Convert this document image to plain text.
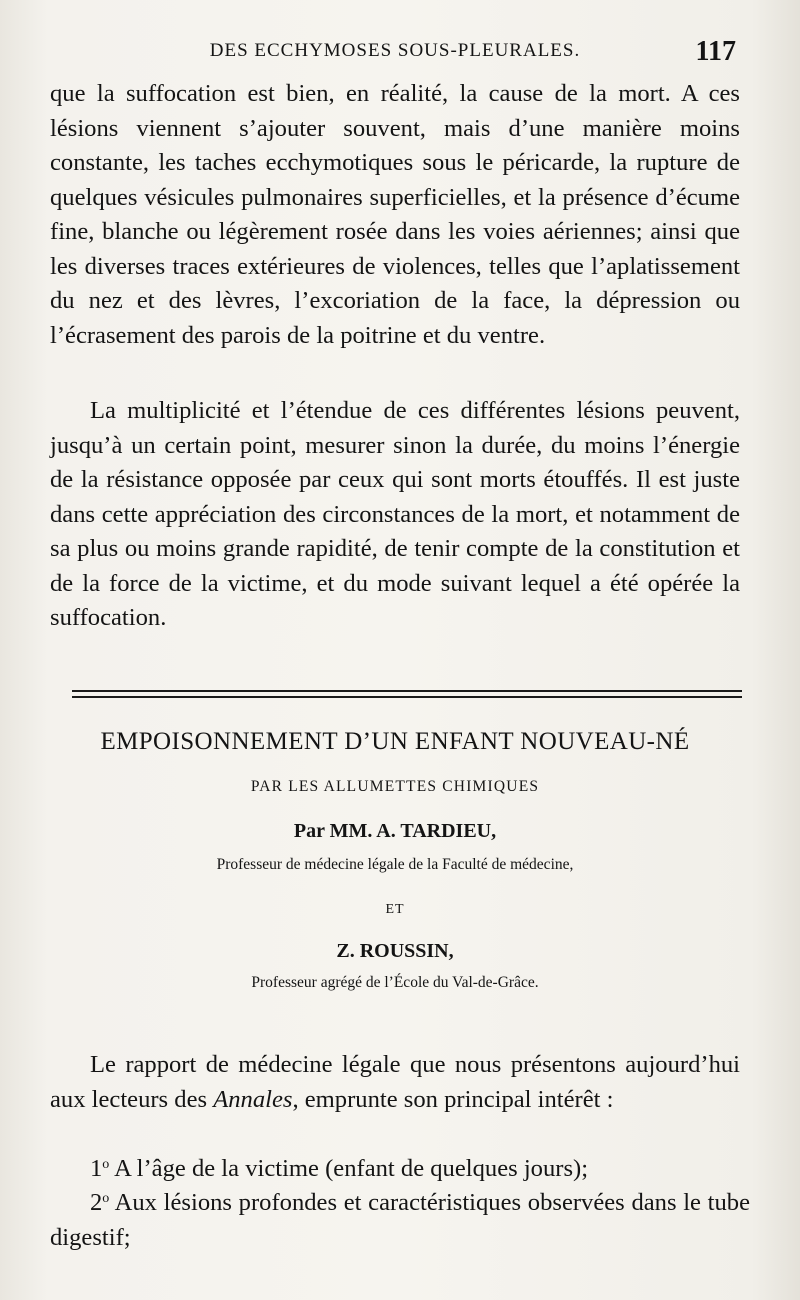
DES ECCHYMOSES SOUS-PLEURALES.	117

que la suffocation est bien, en réalité, la cause de la mort. A ces lésions viennent s’ajouter souvent, mais d’une manière moins constante, les taches ecchymotiques sous le péricarde, la rupture de quelques vésicules pulmonaires superficielles, et la présence d’écume fine, blanche ou légèrement rosée dans les voies aériennes; ainsi que les diverses traces extérieures de violences, telles que l’aplatissement du nez et des lèvres, l’excoriation de la face, la dépression ou l’écrasement des parois de la poitrine et du ventre.

La multiplicité et l’étendue de ces différentes lésions peuvent, jusqu’à un certain point, mesurer sinon la durée, du moins l’énergie de la résistance opposée par ceux qui sont morts étouffés. Il est juste dans cette appréciation des circonstances de la mort, et notamment de sa plus ou moins grande rapidité, de tenir compte de la constitution et de la force de la victime, et du mode suivant lequel a été opérée la suffocation.

EMPOISONNEMENT D’UN ENFANT NOUVEAU-NÉ
PAR LES ALLUMETTES CHIMIQUES
Par MM. A. TARDIEU,
Professeur de médecine légale de la Faculté de médecine,
ET
Z. ROUSSIN,
Professeur agrégé de l’École du Val-de-Grâce.

Le rapport de médecine légale que nous présentons aujourd’hui aux lecteurs des Annales, emprunte son principal intérêt :

1$^o$ A l’âge de la victime (enfant de quelques jours);

2$^o$ Aux lésions profondes et caractéristiques observées dans le tube digestif;
